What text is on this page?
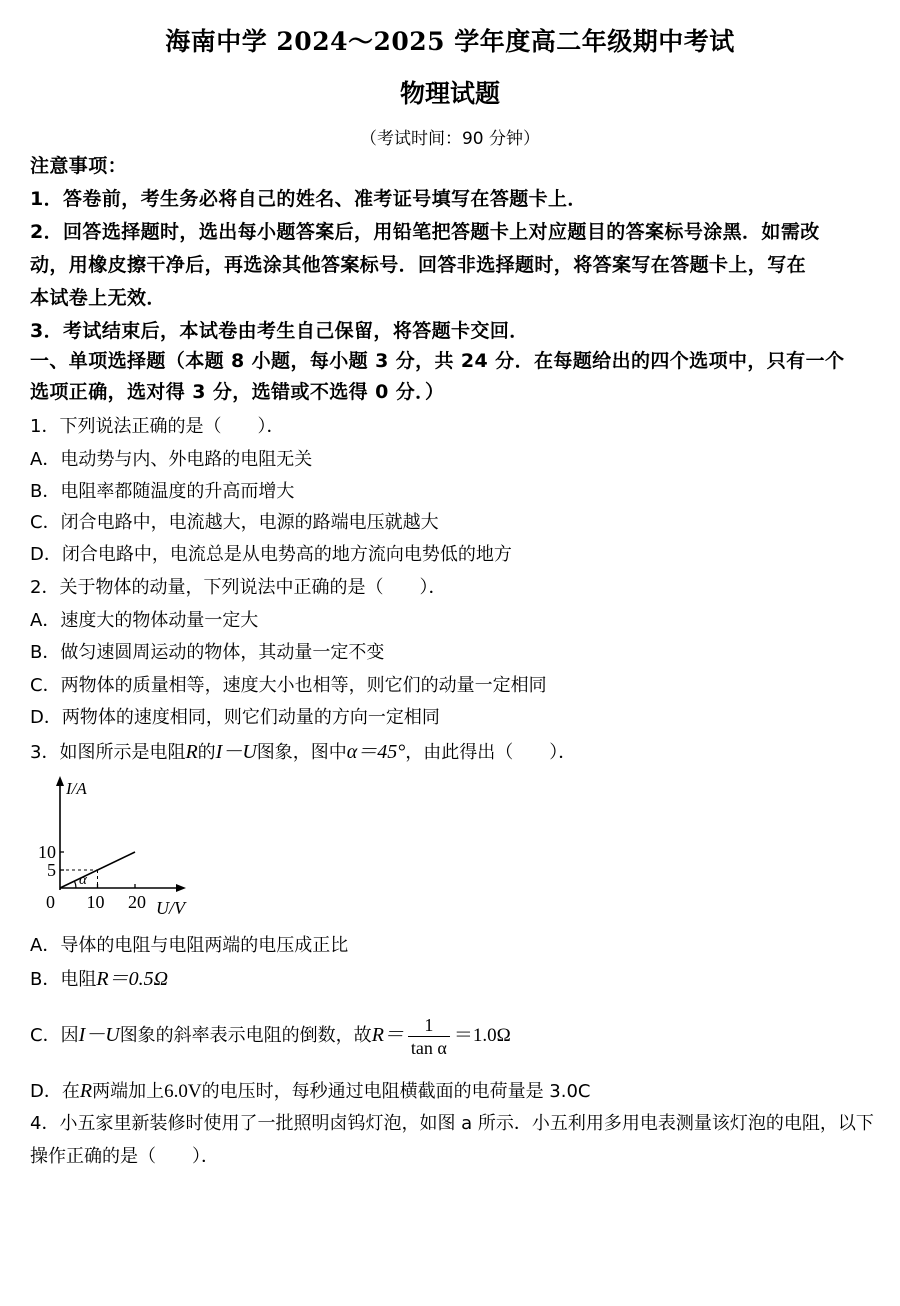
海南中学 2024～2025 学年度高二年级期中考试
物理试题
（考试时间：90 分钟）
注意事项：
1．答卷前，考生务必将自己的姓名、准考证号填写在答题卡上．
2．回答选择题时，选出每小题答案后，用铅笔把答题卡上对应题目的答案标号涂黑．如需改
动，用橡皮擦干净后，再选涂其他答案标号．回答非选择题时，将答案写在答题卡上，写在
本试卷上无效．
3．考试结束后，本试卷由考生自己保留，将答题卡交回．
一、单项选择题（本题 8 小题，每小题 3 分，共 24 分．在每题给出的四个选项中，只有一个
选项正确，选对得 3 分，选错或不选得 0 分．）
1．下列说法正确的是（　　）．
A．电动势与内、外电路的电阻无关
B．电阻率都随温度的升高而增大
C．闭合电路中，电流越大，电源的路端电压就越大
D．闭合电路中，电流总是从电势高的地方流向电势低的地方
2．关于物体的动量，下列说法中正确的是（　　）．
A．速度大的物体动量一定大
B．做匀速圆周运动的物体，其动量一定不变
C．两物体的质量相等，速度大小也相等，则它们的动量一定相同
D．两物体的速度相同，则它们动量的方向一定相同
3．如图所示是电阻R的I－U图象，图中α＝45°，由此得出（　　）．
I/A
U/V
0 10 20
5
10
α
A．导体的电阻与电阻两端的电压成正比
B．电阻R＝0.5Ω
C．因I－U图象的斜率表示电阻的倒数，故$R= \frac{1}{\text{tan α}} =1.0\Omega$
D．在R两端加上6.0V的电压时，每秒通过电阻横截面的电荷量是 3.0C
4．小五家里新装修时使用了一批照明卤钨灯泡，如图 a 所示．小五利用多用电表测量该灯泡的电阻，以下
操作正确的是（　　）．
